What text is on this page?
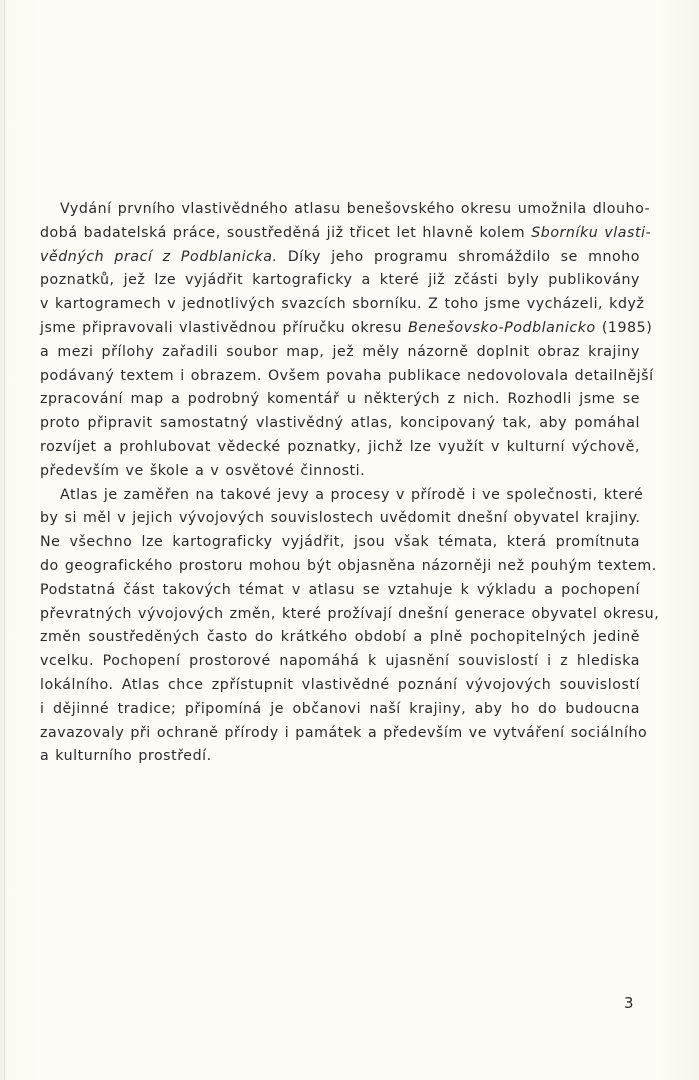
Vydání prvního vlastivědného atlasu benešovského okresu umožnila dlouho-
dobá badatelská práce, soustředěná již třicet let hlavně kolem Sborníku vlasti-
vědných prací z Podblanicka. Díky jeho programu shromáždilo se mnoho
poznatků, jež lze vyjádřit kartograficky a které již zčásti byly publikovány
v kartogramech v jednotlivých svazcích sborníku. Z toho jsme vycházeli, když
jsme připravovali vlastivědnou příručku okresu Benešovsko-Podblanicko (1985)
a mezi přílohy zařadili soubor map, jež měly názorně doplnit obraz krajiny
podávaný textem i obrazem. Ovšem povaha publikace nedovolovala detailnější
zpracování map a podrobný komentář u některých z nich. Rozhodli jsme se
proto připravit samostatný vlastivědný atlas, koncipovaný tak, aby pomáhal
rozvíjet a prohlubovat vědecké poznatky, jichž lze využít v kulturní výchově,
především ve škole a v osvětové činnosti.
Atlas je zaměřen na takové jevy a procesy v přírodě i ve společnosti, které
by si měl v jejich vývojových souvislostech uvědomit dnešní obyvatel krajiny.
Ne všechno lze kartograficky vyjádřit, jsou však témata, která promítnuta
do geografického prostoru mohou být objasněna názorněji než pouhým textem.
Podstatná část takových témat v atlasu se vztahuje k výkladu a pochopení
převratných vývojových změn, které prožívají dnešní generace obyvatel okresu,
změn soustředěných často do krátkého období a plně pochopitelných jedině
vcelku. Pochopení prostorové napomáhá k ujasnění souvislostí i z hlediska
lokálního. Atlas chce zpřístupnit vlastivědné poznání vývojových souvislostí
i dějinné tradice; připomíná je občanovi naší krajiny, aby ho do budoucna
zavazovaly při ochraně přírody i památek a především ve vytváření sociálního
a kulturního prostředí.
3
